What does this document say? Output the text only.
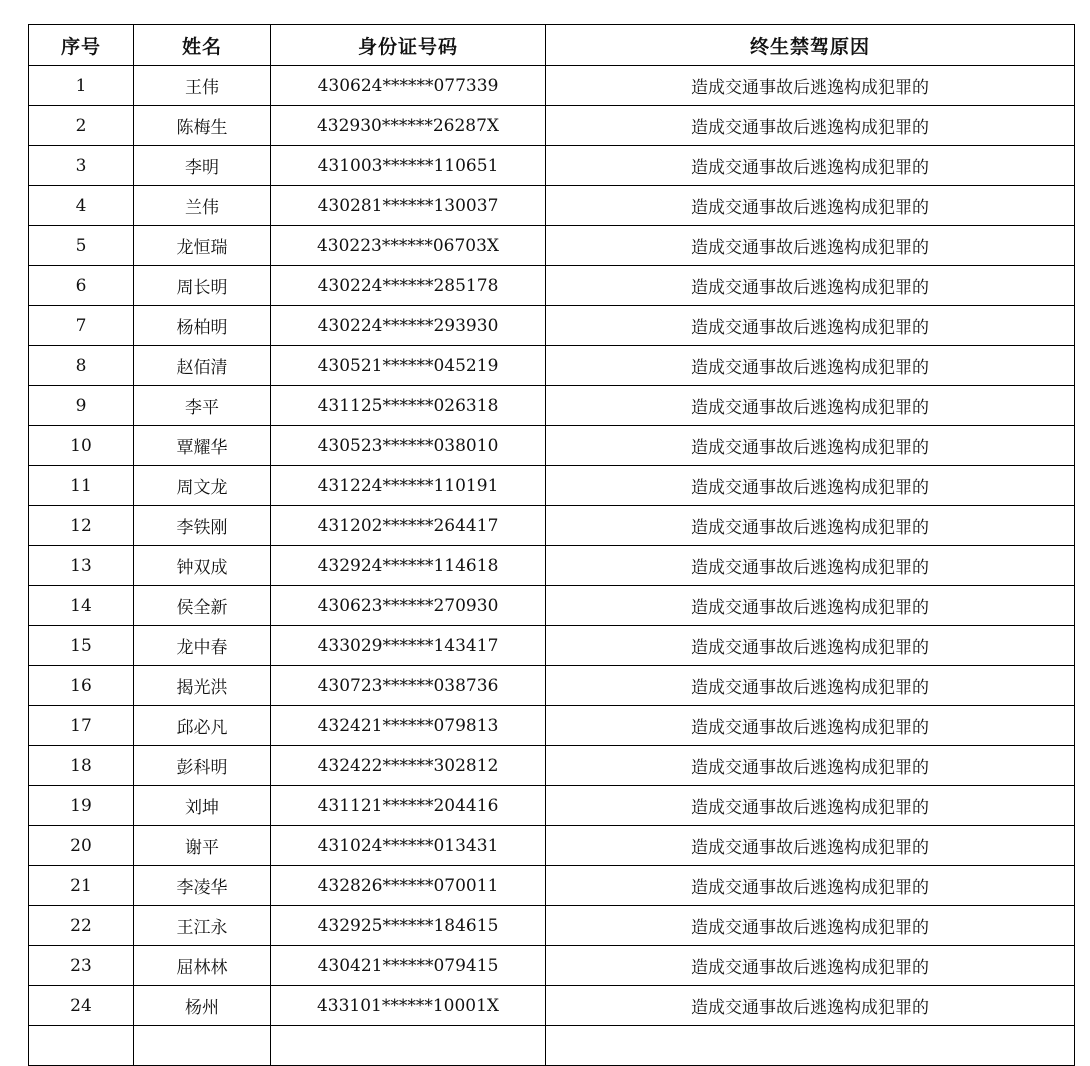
序号	姓名	身份证号码	终生禁驾原因
1	王伟	430624******077339	造成交通事故后逃逸构成犯罪的
2	陈梅生	432930******26287X	造成交通事故后逃逸构成犯罪的
3	李明	431003******110651	造成交通事故后逃逸构成犯罪的
4	兰伟	430281******130037	造成交通事故后逃逸构成犯罪的
5	龙恒瑞	430223******06703X	造成交通事故后逃逸构成犯罪的
6	周长明	430224******285178	造成交通事故后逃逸构成犯罪的
7	杨柏明	430224******293930	造成交通事故后逃逸构成犯罪的
8	赵佰清	430521******045219	造成交通事故后逃逸构成犯罪的
9	李平	431125******026318	造成交通事故后逃逸构成犯罪的
10	覃耀华	430523******038010	造成交通事故后逃逸构成犯罪的
11	周文龙	431224******110191	造成交通事故后逃逸构成犯罪的
12	李铁刚	431202******264417	造成交通事故后逃逸构成犯罪的
13	钟双成	432924******114618	造成交通事故后逃逸构成犯罪的
14	侯全新	430623******270930	造成交通事故后逃逸构成犯罪的
15	龙中春	433029******143417	造成交通事故后逃逸构成犯罪的
16	揭光洪	430723******038736	造成交通事故后逃逸构成犯罪的
17	邱必凡	432421******079813	造成交通事故后逃逸构成犯罪的
18	彭科明	432422******302812	造成交通事故后逃逸构成犯罪的
19	刘坤	431121******204416	造成交通事故后逃逸构成犯罪的
20	谢平	431024******013431	造成交通事故后逃逸构成犯罪的
21	李凌华	432826******070011	造成交通事故后逃逸构成犯罪的
22	王江永	432925******184615	造成交通事故后逃逸构成犯罪的
23	屈林林	430421******079415	造成交通事故后逃逸构成犯罪的
24	杨州	433101******10001X	造成交通事故后逃逸构成犯罪的
